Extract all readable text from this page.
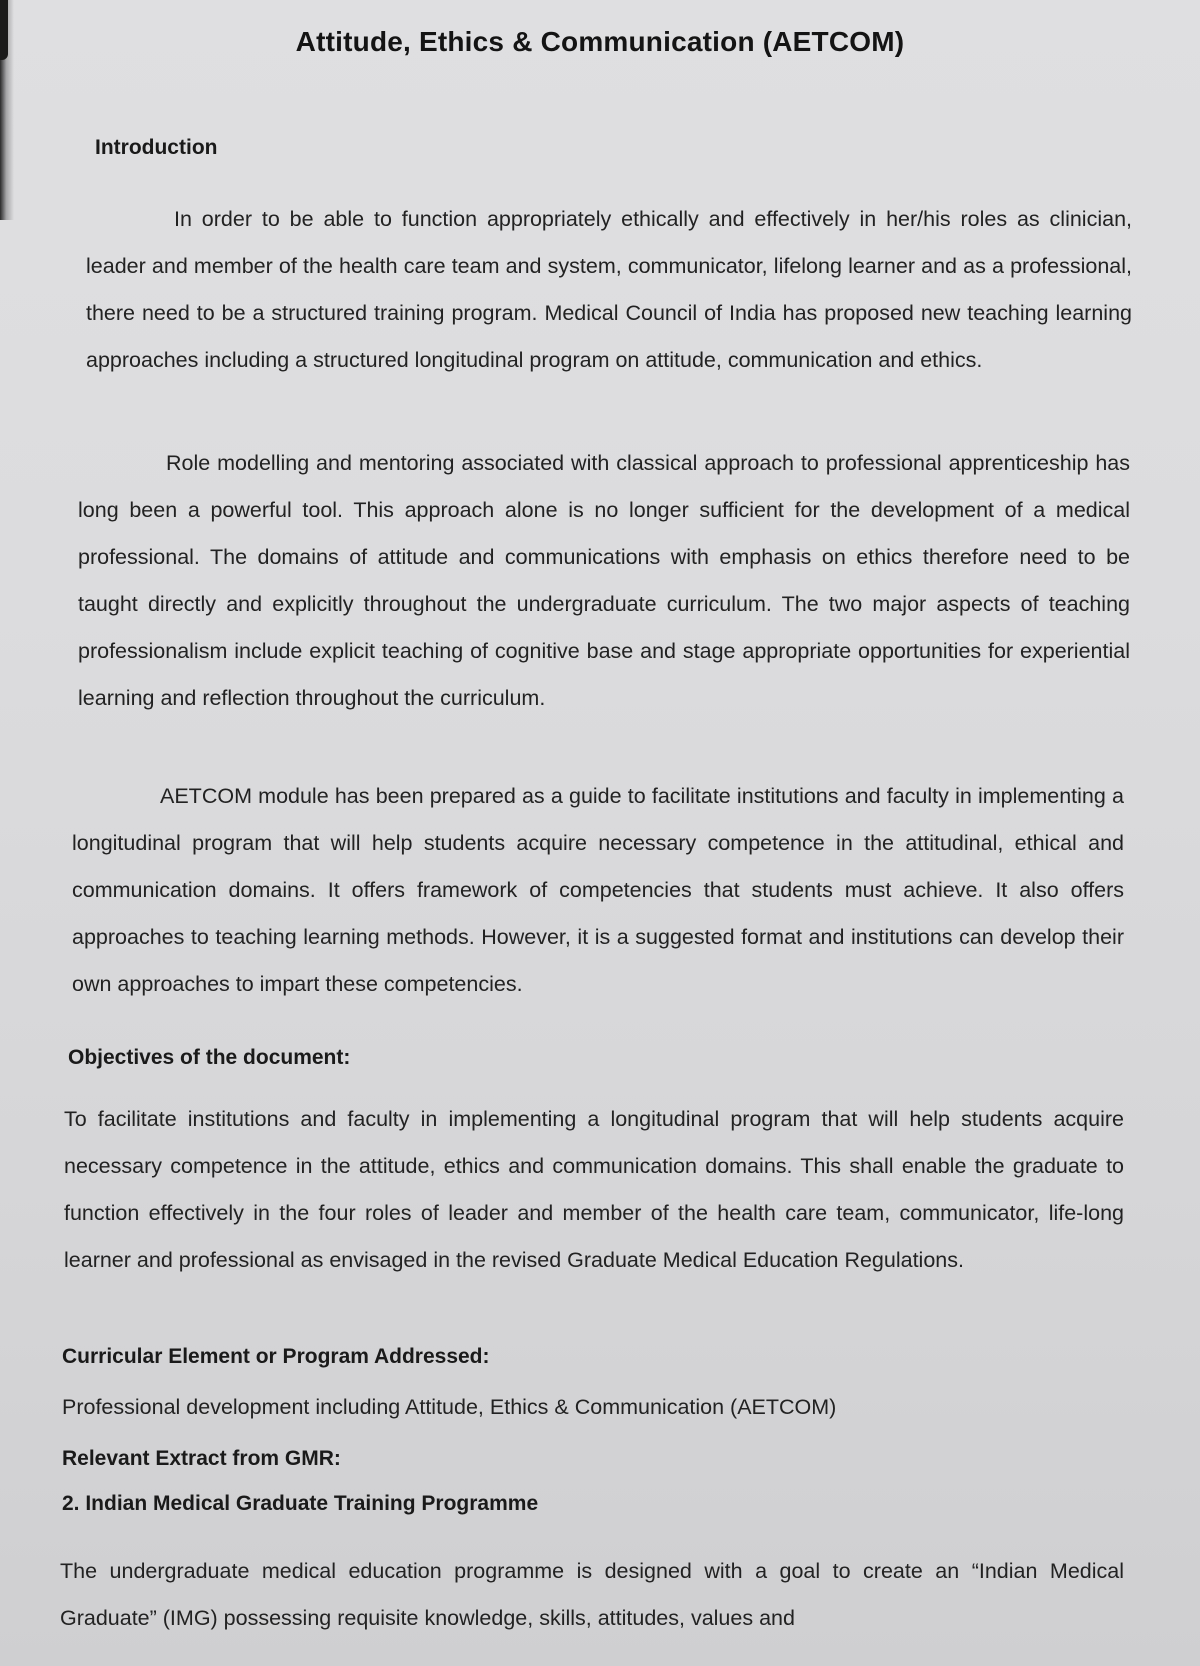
Attitude, Ethics & Communication (AETCOM)
Introduction
In order to be able to function appropriately ethically and effectively in her/his roles as clinician, leader and member of the health care team and system, communicator, lifelong learner and as a professional, there need to be a structured training program. Medical Council of India has proposed new teaching learning approaches including a structured longitudinal program on attitude, communication and ethics.
Role modelling and mentoring associated with classical approach to professional apprenticeship has long been a powerful tool. This approach alone is no longer sufficient for the development of a medical professional. The domains of attitude and communications with emphasis on ethics therefore need to be taught directly and explicitly throughout the undergraduate curriculum. The two major aspects of teaching professionalism include explicit teaching of cognitive base and stage appropriate opportunities for experiential learning and reflection throughout the curriculum.
AETCOM module has been prepared as a guide to facilitate institutions and faculty in implementing a longitudinal program that will help students acquire necessary competence in the attitudinal, ethical and communication domains. It offers framework of competencies that students must achieve. It also offers approaches to teaching learning methods. However, it is a suggested format and institutions can develop their own approaches to impart these competencies.
Objectives of the document:
To facilitate institutions and faculty in implementing a longitudinal program that will help students acquire necessary competence in the attitude, ethics and communication domains. This shall enable the graduate to function effectively in the four roles of leader and member of the health care team, communicator, life-long learner and professional as envisaged in the revised Graduate Medical Education Regulations.
Curricular Element or Program Addressed:
Professional development including Attitude, Ethics & Communication (AETCOM)
Relevant Extract from GMR:
2. Indian Medical Graduate Training Programme
The undergraduate medical education programme is designed with a goal to create an “Indian Medical Graduate” (IMG) possessing requisite knowledge, skills, attitudes, values and
